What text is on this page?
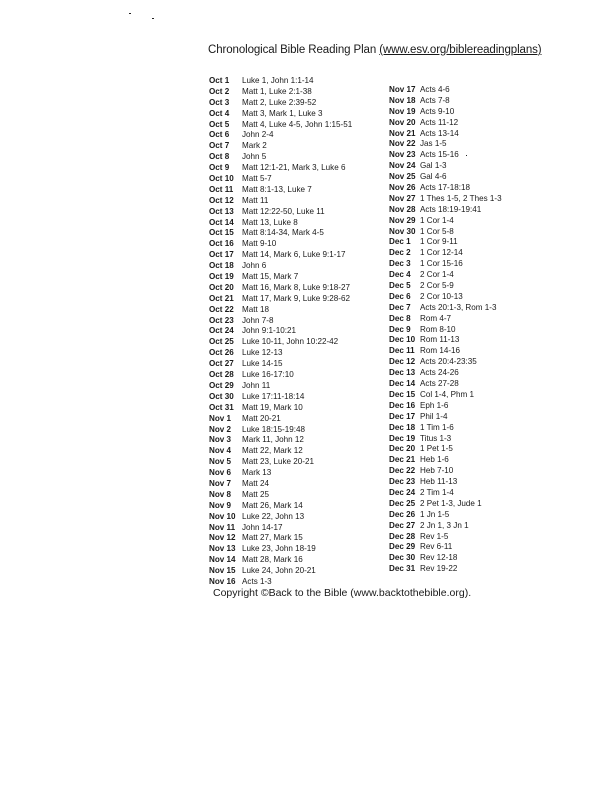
Chronological Bible Reading Plan (www.esv.org/biblereadingplans)
Oct 1	Luke 1, John 1:1-14
Oct 2	Matt 1, Luke 2:1-38
Oct 3	Matt 2, Luke 2:39-52
Oct 4	Matt 3, Mark 1, Luke 3
Oct 5	Matt 4, Luke 4-5, John 1:15-51
Oct 6	John 2-4
Oct 7	Mark 2
Oct 8	John 5
Oct 9	Matt 12:1-21, Mark 3, Luke 6
Oct 10	Matt 5-7
Oct 11	Matt 8:1-13, Luke 7
Oct 12	Matt 11
Oct 13	Matt 12:22-50, Luke 11
Oct 14	Matt 13, Luke 8
Oct 15	Matt 8:14-34, Mark 4-5
Oct 16	Matt 9-10
Oct 17	Matt 14, Mark 6, Luke 9:1-17
Oct 18	John 6
Oct 19	Matt 15, Mark 7
Oct 20	Matt 16, Mark 8, Luke 9:18-27
Oct 21	Matt 17, Mark 9, Luke 9:28-62
Oct 22	Matt 18
Oct 23	John 7-8
Oct 24	John 9:1-10:21
Oct 25	Luke 10-11, John 10:22-42
Oct 26	Luke 12-13
Oct 27	Luke 14-15
Oct 28	Luke 16-17:10
Oct 29	John 11
Oct 30	Luke 17:11-18:14
Oct 31	Matt 19, Mark 10
Nov 1	Matt 20-21
Nov 2	Luke 18:15-19:48
Nov 3	Mark 11, John 12
Nov 4	Matt 22, Mark 12
Nov 5	Matt 23, Luke 20-21
Nov 6	Mark 13
Nov 7	Matt 24
Nov 8	Matt 25
Nov 9	Matt 26, Mark 14
Nov 10 Luke 22, John 13
Nov 11 John 14-17
Nov 12 Matt 27, Mark 15
Nov 13 Luke 23, John 18-19
Nov 14 Matt 28, Mark 16
Nov 15 Luke 24, John 20-21
Nov 16 Acts 1-3
Nov 17 Acts 4-6
Nov 18 Acts 7-8
Nov 19 Acts 9-10
Nov 20 Acts 11-12
Nov 21 Acts 13-14
Nov 22 Jas 1-5
Nov 23 Acts 15-16
Nov 24 Gal 1-3
Nov 25 Gal 4-6
Nov 26 Acts 17-18:18
Nov 27 1 Thes 1-5, 2 Thes 1-3
Nov 28 Acts 18:19-19:41
Nov 29 1 Cor 1-4
Nov 30 1 Cor 5-8
Dec 1	1 Cor 9-11
Dec 2	1 Cor 12-14
Dec 3	1 Cor 15-16
Dec 4	2 Cor 1-4
Dec 5	2 Cor 5-9
Dec 6	2 Cor 10-13
Dec 7	Acts 20:1-3, Rom 1-3
Dec 8	Rom 4-7
Dec 9	Rom 8-10
Dec 10 Rom 11-13
Dec 11 Rom 14-16
Dec 12 Acts 20:4-23:35
Dec 13 Acts 24-26
Dec 14 Acts 27-28
Dec 15 Col 1-4, Phm 1
Dec 16 Eph 1-6
Dec 17 Phil 1-4
Dec 18 1 Tim 1-6
Dec 19 Titus 1-3
Dec 20 1 Pet 1-5
Dec 21 Heb 1-6
Dec 22 Heb 7-10
Dec 23 Heb 11-13
Dec 24 2 Tim 1-4
Dec 25 2 Pet 1-3, Jude 1
Dec 26 1 Jn 1-5
Dec 27 2 Jn 1, 3 Jn 1
Dec 28 Rev 1-5
Dec 29 Rev 6-11
Dec 30 Rev 12-18
Dec 31 Rev 19-22
Copyright ©Back to the Bible (www.backtothebible.org).
